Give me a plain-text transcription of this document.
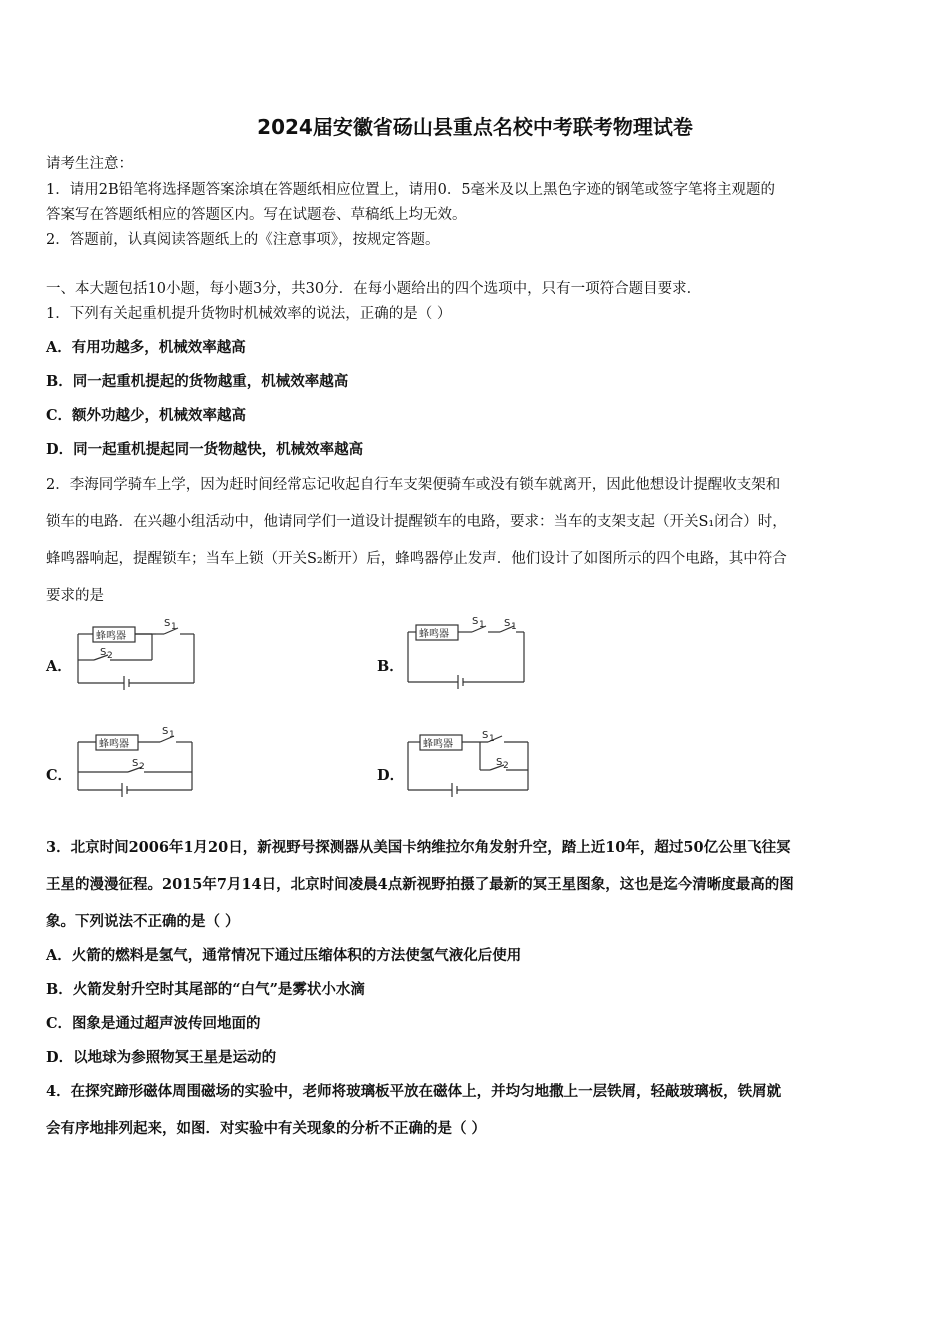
2024届安徽省砀山县重点名校中考联考物理试卷
请考生注意：
1．请用2B铅笔将选择题答案涂填在答题纸相应位置上，请用0．5毫米及以上黑色字迹的钢笔或签字笔将主观题的
答案写在答题纸相应的答题区内。写在试题卷、草稿纸上均无效。
2．答题前，认真阅读答题纸上的《注意事项》，按规定答题。
一、本大题包括10小题，每小题3分，共30分．在每小题给出的四个选项中，只有一项符合题目要求．
1．下列有关起重机提升货物时机械效率的说法，正确的是（ ）
A．有用功越多，机械效率越高
B．同一起重机提起的货物越重，机械效率越高
C．额外功越少，机械效率越高
D．同一起重机提起同一货物越快，机械效率越高
2．李海同学骑车上学，因为赶时间经常忘记收起自行车支架便骑车或没有锁车就离开，因此他想设计提醒收支架和
锁车的电路．在兴趣小组活动中，他请同学们一道设计提醒锁车的电路，要求：当车的支架支起（开关S₁闭合）时，
蜂鸣器响起，提醒锁车；当车上锁（开关S₂断开）后，蜂鸣器停止发声．他们设计了如图所示的四个电路，其中符合
要求的是
A．
蜂鸣器
S 1
S 2
B．
蜂鸣器
S 1 S 1
C．
蜂鸣器
S 1
S 2	D．
蜂鸣器
S 1
S 2
3．北京时间2006年1月20日，新视野号探测器从美国卡纳维拉尔角发射升空，踏上近10年，超过50亿公里飞往冥
王星的漫漫征程。2015年7月14日，北京时间凌晨4点新视野拍摄了最新的冥王星图象，这也是迄今清晰度最高的图
象。下列说法不正确的是（ ）
A．火箭的燃料是氢气，通常情况下通过压缩体积的方法使氢气液化后使用
B．火箭发射升空时其尾部的“白气”是雾状小水滴
C．图象是通过超声波传回地面的
D．以地球为参照物冥王星是运动的
4．在探究蹄形磁体周围磁场的实验中，老师将玻璃板平放在磁体上，并均匀地撒上一层铁屑，轻敲玻璃板，铁屑就
会有序地排列起来，如图．对实验中有关现象的分析不正确的是（ ）
